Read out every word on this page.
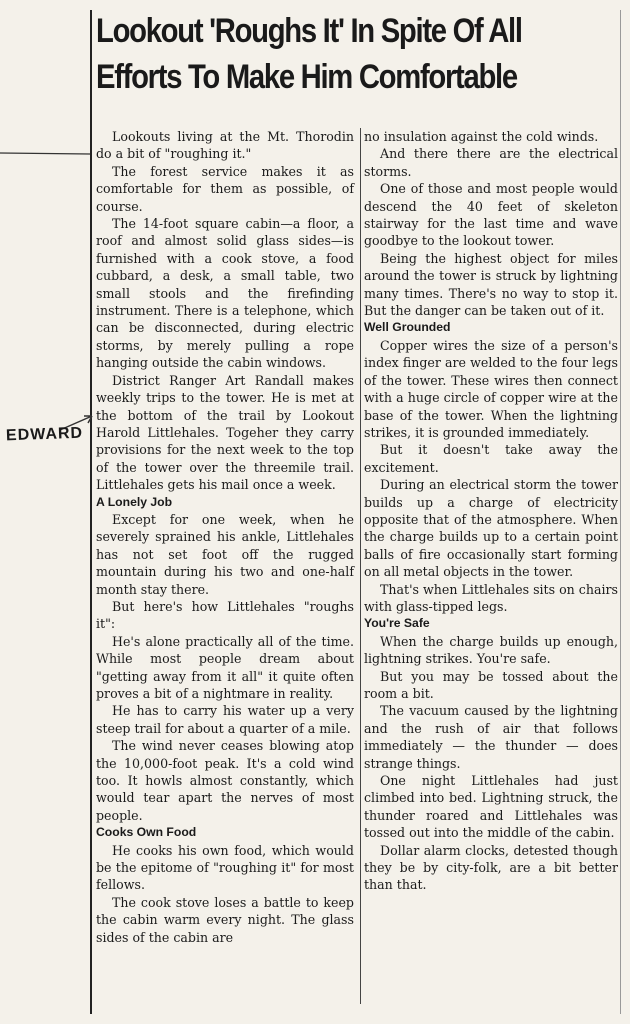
Lookout 'Roughs It' In Spite Of All
Efforts To Make Him Comfortable
EDWARD

Lookouts living at the Mt. Thorodin do a bit of "roughing it."

The forest service makes it as comfortable for them as possible, of course.

The 14-foot square cabin—a floor, a roof and almost solid glass sides—is furnished with a cook stove, a food cubbard, a desk, a small table, two small stools and the firefinding instrument. There is a telephone, which can be disconnected, during electric storms, by merely pulling a rope hanging outside the cabin windows.

District Ranger Art Randall makes weekly trips to the tower. He is met at the bottom of the trail by Lookout Harold Littlehales. Togeher they carry provisions for the next week to the top of the tower over the threemile trail. Littlehales gets his mail once a week.

A Lonely Job

Except for one week, when he severely sprained his ankle, Littlehales has not set foot off the rugged mountain during his two and one-half month stay there.

But here's how Littlehales "roughs it":

He's alone practically all of the time. While most people dream about "getting away from it all" it quite often proves a bit of a nightmare in reality.

He has to carry his water up a very steep trail for about a quarter of a mile.

The wind never ceases blowing atop the 10,000-foot peak. It's a cold wind too. It howls almost constantly, which would tear apart the nerves of most people.

Cooks Own Food

He cooks his own food, which would be the epitome of "roughing it" for most fellows.

The cook stove loses a battle to keep the cabin warm every night. The glass sides of the cabin are

no insulation against the cold winds.

And there there are the electrical storms.

One of those and most people would descend the 40 feet of skeleton stairway for the last time and wave goodbye to the lookout tower.

Being the highest object for miles around the tower is struck by lightning many times. There's no way to stop it. But the danger can be taken out of it.

Well Grounded

Copper wires the size of a person's index finger are welded to the four legs of the tower. These wires then connect with a huge circle of copper wire at the base of the tower. When the lightning strikes, it is grounded immediately.

But it doesn't take away the excitement.

During an electrical storm the tower builds up a charge of electricity opposite that of the atmosphere. When the charge builds up to a certain point balls of fire occasionally start forming on all metal objects in the tower.

That's when Littlehales sits on chairs with glass-tipped legs.

You're Safe

When the charge builds up enough, lightning strikes. You're safe.

But you may be tossed about the room a bit.

The vacuum caused by the lightning and the rush of air that follows immediately — the thunder — does strange things.

One night Littlehales had just climbed into bed. Lightning struck, the thunder roared and Littlehales was tossed out into the middle of the cabin.

Dollar alarm clocks, detested though they be by city-folk, are a bit better than that.
